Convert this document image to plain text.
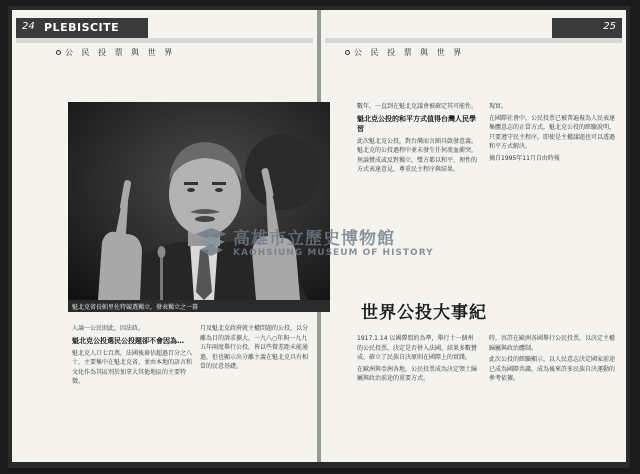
24 PLEBISCITE
公 民 投 票 與 世 界

人論一公民則此，因法政。

魁北克公投選民公投題卻不會因為…

魁北克人口七百萬，法國後裔佔超過百分之八十，主要集中在魁北克省，並由本地的語言和文化作為其區別於加拿大其他地區的主要特徵。

月及魁北克政府就主權問題的公投，以分離為目的訴求擴大，一九八○年與一九九五年兩度舉行公投，皆以些微差距未能通過，但也顯示出分離主義在魁北克具有相當的民意基礎。

25
公 民 投 票 與 世 界

數年，一直到在魁北克議會被確定其可能性。

魁北克公投的和平方式值得台灣人民學習

此次魁北克公投，對台灣而言頗具啟發意義。魁北克的公投過程中並未發生任何流血衝突，無論贊成或反對獨立，雙方都以和平、理性的方式表達意見，尊重民主程序與結果。

現實。

在國際社會中，公民投票已被普遍視為人民表達集體意志的正當方式，魁北克公投的經驗說明，只要遵守民主程序，即使是主權議題也可以透過和平方式解決。

摘自1995年11月自由時報

世界公投大事紀

1917.1.14 以國際盟約為準，舉行十一個州的公民投票，決定是否併入法國，結果多數贊成，確立了民族自決原則在國際上的實踐。

在歐洲與亞洲各地，公民投票成為決定領土歸屬與政治前途的重要方式。

時，容許在歐洲各國舉行公民投票，以決定主權歸屬與政治體制。

此次公投的經驗顯示，以人民意志決定國家前途已成為國際共識，成為後來許多民族自決運動的參考依據。

魁北克省長帕里佐特競選獨立，發表獨立之一幕
高雄市立歷史博物館
KAOHSIUNG MUSEUM OF HISTORY
